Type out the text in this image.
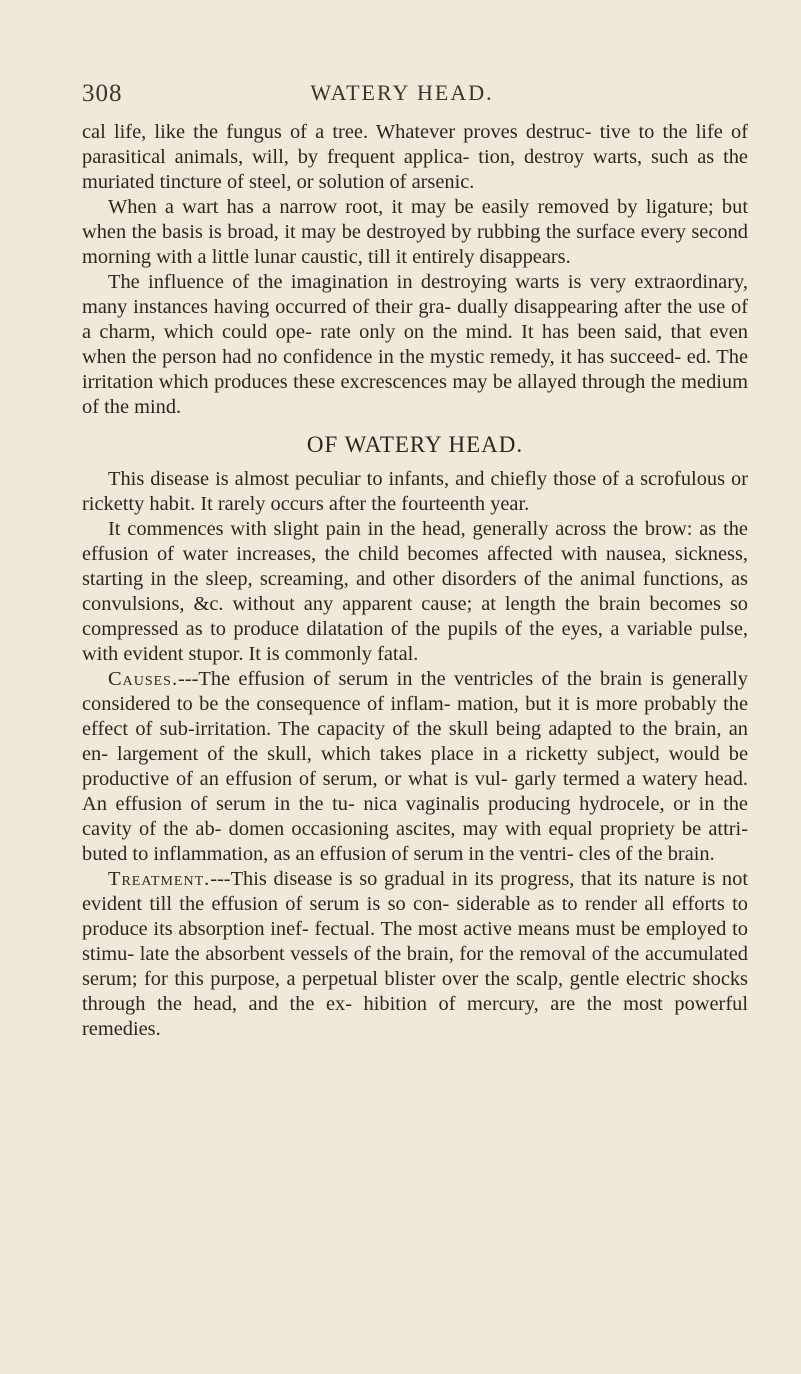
308	WATERY HEAD.

cal life, like the fungus of a tree. Whatever proves destruc- tive to the life of parasitical animals, will, by frequent applica- tion, destroy warts, such as the muriated tincture of steel, or solution of arsenic.

When a wart has a narrow root, it may be easily removed by ligature; but when the basis is broad, it may be destroyed by rubbing the surface every second morning with a little lunar caustic, till it entirely disappears.

The influence of the imagination in destroying warts is very extraordinary, many instances having occurred of their gra- dually disappearing after the use of a charm, which could ope- rate only on the mind. It has been said, that even when the person had no confidence in the mystic remedy, it has succeed- ed. The irritation which produces these excrescences may be allayed through the medium of the mind.

OF WATERY HEAD.

This disease is almost peculiar to infants, and chiefly those of a scrofulous or ricketty habit. It rarely occurs after the fourteenth year.

It commences with slight pain in the head, generally across the brow: as the effusion of water increases, the child becomes affected with nausea, sickness, starting in the sleep, screaming, and other disorders of the animal functions, as convulsions, &c. without any apparent cause; at length the brain becomes so compressed as to produce dilatation of the pupils of the eyes, a variable pulse, with evident stupor. It is commonly fatal.

Causes.---The effusion of serum in the ventricles of the brain is generally considered to be the consequence of inflam- mation, but it is more probably the effect of sub-irritation. The capacity of the skull being adapted to the brain, an en- largement of the skull, which takes place in a ricketty subject, would be productive of an effusion of serum, or what is vul- garly termed a watery head. An effusion of serum in the tu- nica vaginalis producing hydrocele, or in the cavity of the ab- domen occasioning ascites, may with equal propriety be attri- buted to inflammation, as an effusion of serum in the ventri- cles of the brain.

Treatment.---This disease is so gradual in its progress, that its nature is not evident till the effusion of serum is so con- siderable as to render all efforts to produce its absorption inef- fectual. The most active means must be employed to stimu- late the absorbent vessels of the brain, for the removal of the accumulated serum; for this purpose, a perpetual blister over the scalp, gentle electric shocks through the head, and the ex- hibition of mercury, are the most powerful remedies.
